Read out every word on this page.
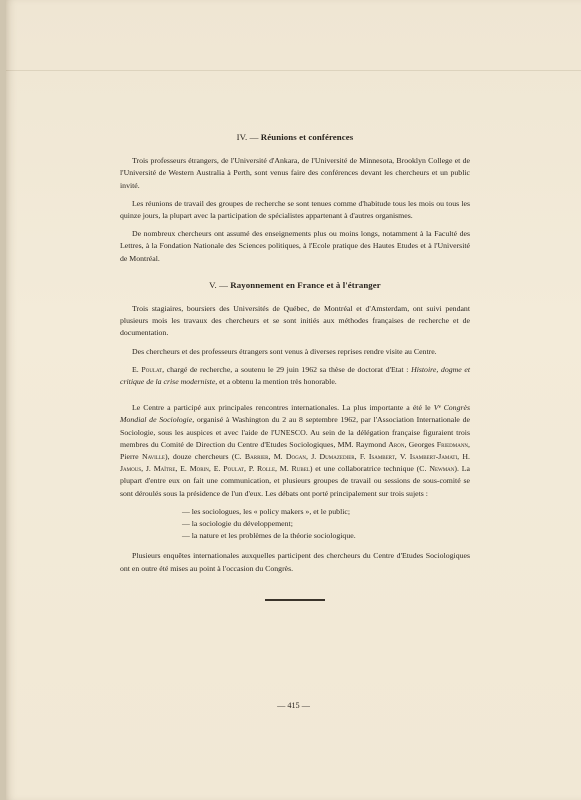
IV. — Réunions et conférences

Trois professeurs étrangers, de l'Université d'Ankara, de l'Université de Minnesota, Brooklyn College et de l'Université de Western Australia à Perth, sont venus faire des conférences devant les chercheurs et un public invité.

Les réunions de travail des groupes de recherche se sont tenues comme d'habitude tous les mois ou tous les quinze jours, la plupart avec la participation de spécialistes appartenant à d'autres organismes.

De nombreux chercheurs ont assumé des enseignements plus ou moins longs, notamment à la Faculté des Lettres, à la Fondation Nationale des Sciences politiques, à l'Ecole pratique des Hautes Etudes et à l'Université de Montréal.

V. — Rayonnement en France et à l'étranger

Trois stagiaires, boursiers des Universités de Québec, de Montréal et d'Amsterdam, ont suivi pendant plusieurs mois les travaux des chercheurs et se sont initiés aux méthodes françaises de recherche et de documentation.

Des chercheurs et des professeurs étrangers sont venus à diverses reprises rendre visite au Centre.

E. Poulat, chargé de recherche, a soutenu le 29 juin 1962 sa thèse de doctorat d'Etat : Histoire, dogme et critique de la crise moderniste, et a obtenu la mention très honorable.

Le Centre a participé aux principales rencontres internationales. La plus importante a été le Vᵉ Congrès Mondial de Sociologie, organisé à Washington du 2 au 8 septembre 1962, par l'Association Internationale de Sociologie, sous les auspices et avec l'aide de l'UNESCO. Au sein de la délégation française figuraient trois membres du Comité de Direction du Centre d'Etudes Sociologiques, MM. Raymond Aron, Georges Friedmann, Pierre Naville), douze chercheurs (C. Barrier, M. Dogan, J. Dumazedier, F. Isambert, V. Isambert-Jamati, H. Jamous, J. Maître, E. Morin, E. Poulat, P. Rolle, M. Rubel) et une collaboratrice technique (C. Newman). La plupart d'entre eux on fait une communication, et plusieurs groupes de travail ou sessions de sous-comité se sont déroulés sous la présidence de l'un d'eux. Les débats ont porté principalement sur trois sujets :

— les sociologues, les « policy makers », et le public;
— la sociologie du développement;
— la nature et les problèmes de la théorie sociologique.

Plusieurs enquêtes internationales auxquelles participent des chercheurs du Centre d'Etudes Sociologiques ont en outre été mises au point à l'occasion du Congrès.

— 415 —
